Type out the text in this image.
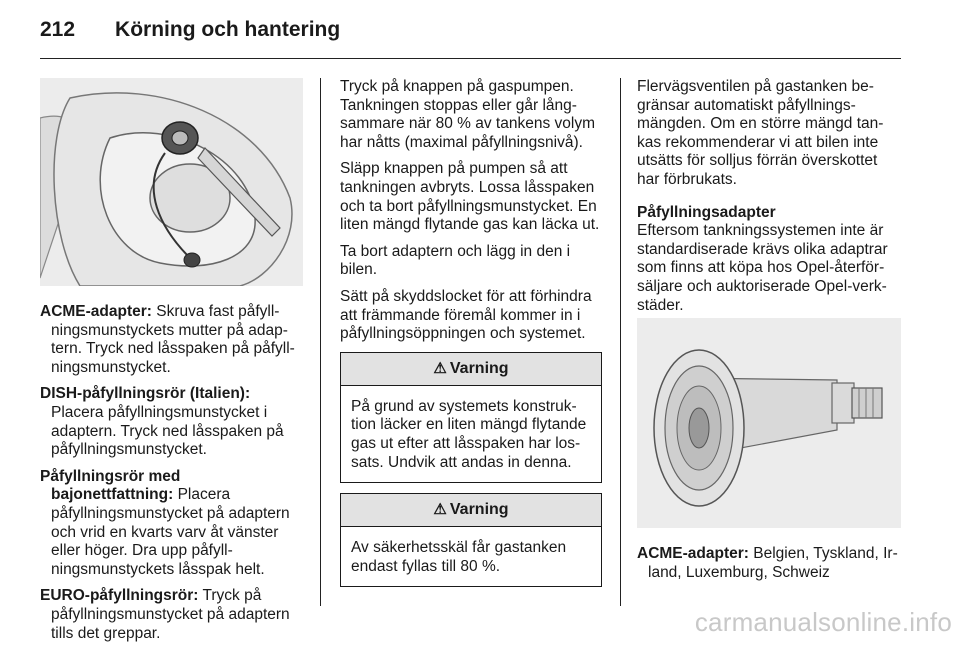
212 Körning och hantering

ACME-adapter: Skruva fast påfyllningsmunstyckets mutter på adaptern. Tryck ned låsspaken på påfyllningsmunstycket.

DISH-påfyllningsrör (Italien): Placera påfyllningsmunstycket i adaptern. Tryck ned låsspaken på påfyllningsmunstycket.

Påfyllningsrör med bajonettfattning: Placera påfyllningsmunstycket på adaptern och vrid en kvarts varv åt vänster eller höger. Dra upp påfyllningsmunstyckets låsspak helt.

EURO-påfyllningsrör: Tryck på påfyllningsmunstycket på adaptern tills det greppar.

Tryck på knappen på gaspumpen. Tankningen stoppas eller går långsammare när 80 % av tankens volym har nåtts (maximal påfyllningsnivå).

Släpp knappen på pumpen så att tankningen avbryts. Lossa låsspaken och ta bort påfyllningsmunstycket. En liten mängd flytande gas kan läcka ut.

Ta bort adaptern och lägg in den i bilen.

Sätt på skyddslocket för att förhindra att främmande föremål kommer in i påfyllningsöppningen och systemet.

⚠ Varning
På grund av systemets konstruktion läcker en liten mängd flytande gas ut efter att låsspaken har lossats. Undvik att andas in denna.
⚠ Varning
Av säkerhetsskäl får gastanken endast fyllas till 80 %.

Flervägsventilen på gastanken begränsar automatiskt påfyllningsmängden. Om en större mängd tankas rekommenderar vi att bilen inte utsätts för solljus förrän överskottet har förbrukats.

Påfyllningsadapter

Eftersom tankningssystemen inte är standardiserade krävs olika adaptrar som finns att köpa hos Opel-återförsäljare och auktoriserade Opel-verkstäder.

ACME-adapter: Belgien, Tyskland, Irland, Luxemburg, Schweiz

carmanualsonline.info
